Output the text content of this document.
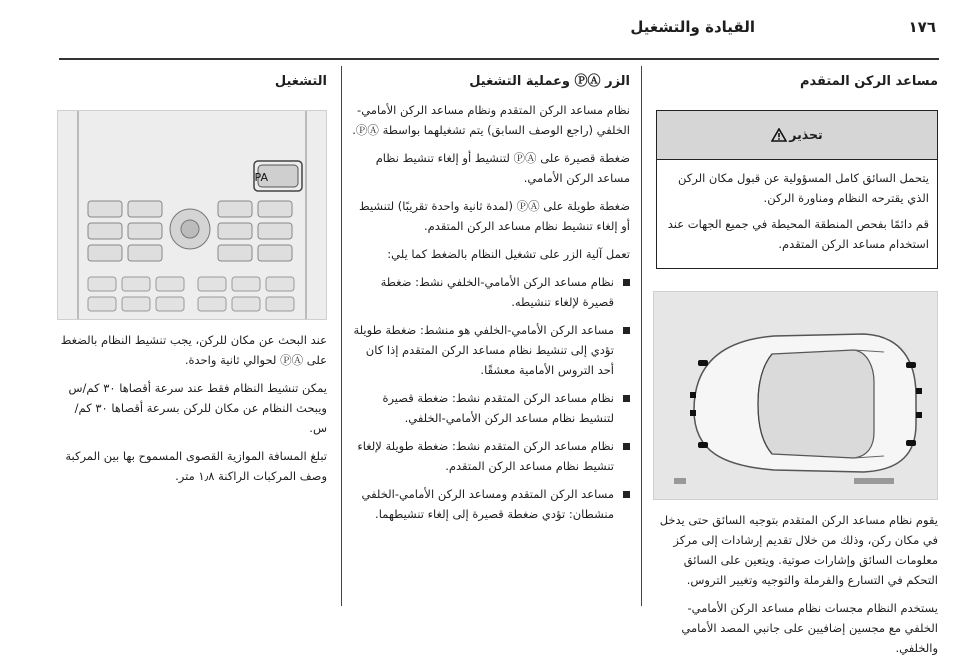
القيادة والتشغيل	١٧٦
مساعد الركن المتقدم
تحذير

يتحمل السائق كامل المسؤولية عن قبول مكان الركن الذي يقترحه النظام ومناورة الركن.

قم دائمًا بفحص المنطقة المحيطة في جميع الجهات عند استخدام مساعد الركن المتقدم.

يقوم نظام مساعد الركن المتقدم بتوجيه السائق حتى يدخل في مكان ركن، وذلك من خلال تقديم إرشادات إلى مركز معلومات السائق وإشارات صوتية. ويتعين على السائق التحكم في التسارع والفرملة والتوجيه وتغيير التروس.

يستخدم النظام مجسات نظام مساعد الركن الأمامي-الخلفي مع مجسين إضافيين على جانبي المصد الأمامي والخلفي.

الزر ⓅⒶ وعملية التشغيل

نظام مساعد الركن المتقدم ونظام مساعد الركن الأمامي-الخلفي (راجع الوصف السابق) يتم تشغيلهما بواسطة ⓅⒶ.

ضغطة قصيرة على ⓅⒶ لتنشيط أو إلغاء تنشيط نظام مساعد الركن الأمامي.

ضغطة طويلة على ⓅⒶ (لمدة ثانية واحدة تقريبًا) لتنشيط أو إلغاء تنشيط نظام مساعد الركن المتقدم.

تعمل آلية الزر على تشغيل النظام بالضغط كما يلي:

نظام مساعد الركن الأمامي-الخلفي نشط: ضغطة قصيرة لإلغاء تنشيطه.
مساعد الركن الأمامي-الخلفي هو منشط: ضغطة طويلة تؤدي إلى تنشيط نظام مساعد الركن المتقدم إذا كان أحد التروس الأمامية معشقًا.
نظام مساعد الركن المتقدم نشط: ضغطة قصيرة لتنشيط نظام مساعد الركن الأمامي-الخلفي.
نظام مساعد الركن المتقدم نشط: ضغطة طويلة لإلغاء تنشيط نظام مساعد الركن المتقدم.
مساعد الركن المتقدم ومساعد الركن الأمامي-الخلفي منشطان: تؤدي ضغطة قصيرة إلى إلغاء تنشيطهما.
التشغيل
PA

عند البحث عن مكان للركن، يجب تنشيط النظام بالضغط على ⓅⒶ لحوالي ثانية واحدة.

يمكن تنشيط النظام فقط عند سرعة أقصاها ٣٠ كم/س ويبحث النظام عن مكان للركن بسرعة أقصاها ٣٠ كم/س.

تبلغ المسافة الموازية القصوى المسموح بها بين المركبة وصف المركبات الراكنة ١٫٨ متر.
